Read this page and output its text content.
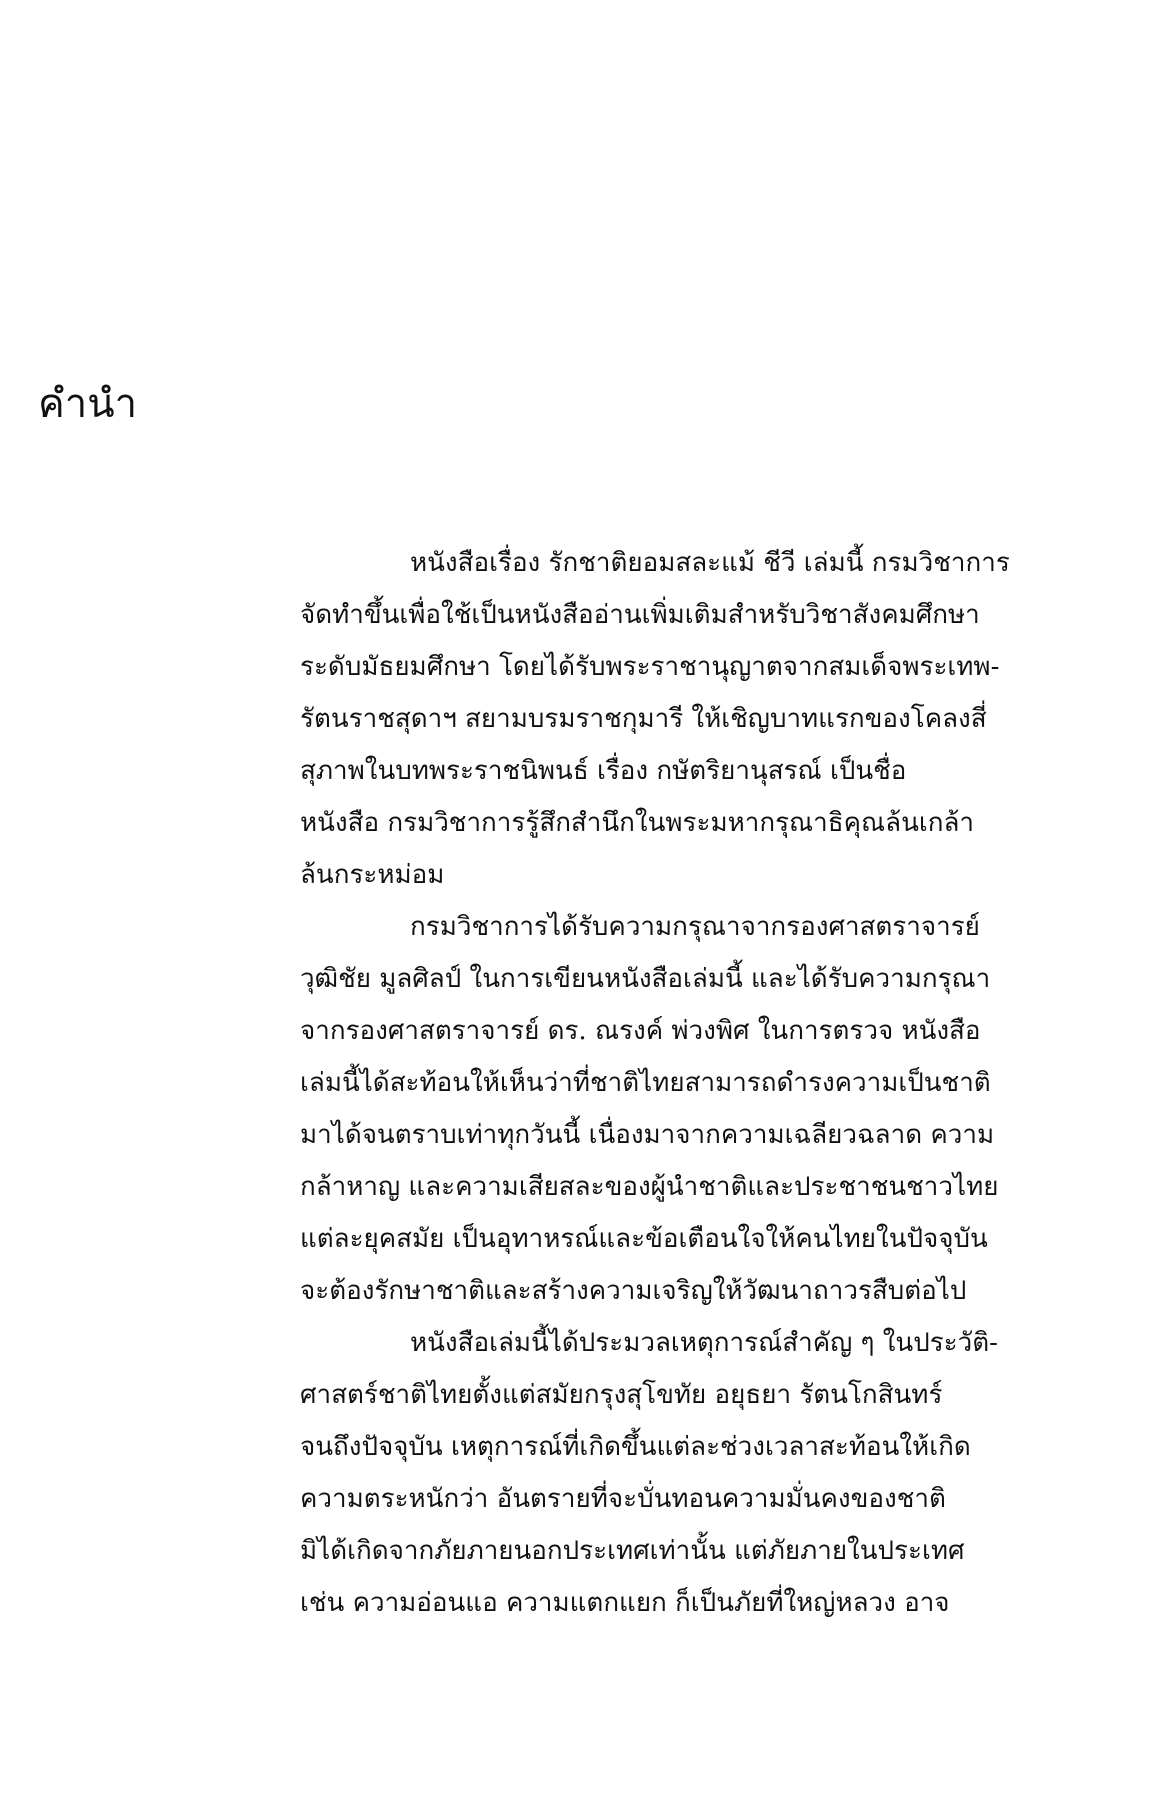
คำนำ
หนังสือเรื่อง รักชาติยอมสละแม้ ชีวี เล่มนี้ กรมวิชาการ
จัดทำขึ้นเพื่อใช้เป็นหนังสืออ่านเพิ่มเติมสำหรับวิชาสังคมศึกษา
ระดับมัธยมศึกษา โดยได้รับพระราชานุญาตจากสมเด็จพระเทพ-
รัตนราชสุดาฯ สยามบรมราชกุมารี ให้เชิญบาทแรกของโคลงสี่
สุภาพในบทพระราชนิพนธ์ เรื่อง กษัตริยานุสรณ์ เป็นชื่อ
หนังสือ กรมวิชาการรู้สึกสำนึกในพระมหากรุณาธิคุณล้นเกล้า
ล้นกระหม่อม
กรมวิชาการได้รับความกรุณาจากรองศาสตราจารย์
วุฒิชัย มูลศิลป์ ในการเขียนหนังสือเล่มนี้ และได้รับความกรุณา
จากรองศาสตราจารย์ ดร. ณรงค์ พ่วงพิศ ในการตรวจ หนังสือ
เล่มนี้ได้สะท้อนให้เห็นว่าที่ชาติไทยสามารถดำรงความเป็นชาติ
มาได้จนตราบเท่าทุกวันนี้ เนื่องมาจากความเฉลียวฉลาด ความ
กล้าหาญ และความเสียสละของผู้นำชาติและประชาชนชาวไทย
แต่ละยุคสมัย เป็นอุทาหรณ์และข้อเตือนใจให้คนไทยในปัจจุบัน
จะต้องรักษาชาติและสร้างความเจริญให้วัฒนาถาวรสืบต่อไป
หนังสือเล่มนี้ได้ประมวลเหตุการณ์สำคัญ ๆ ในประวัติ-
ศาสตร์ชาติไทยตั้งแต่สมัยกรุงสุโขทัย อยุธยา รัตนโกสินทร์
จนถึงปัจจุบัน เหตุการณ์ที่เกิดขึ้นแต่ละช่วงเวลาสะท้อนให้เกิด
ความตระหนักว่า อันตรายที่จะบั่นทอนความมั่นคงของชาติ
มิได้เกิดจากภัยภายนอกประเทศเท่านั้น แต่ภัยภายในประเทศ
เช่น ความอ่อนแอ ความแตกแยก ก็เป็นภัยที่ใหญ่หลวง อาจ
